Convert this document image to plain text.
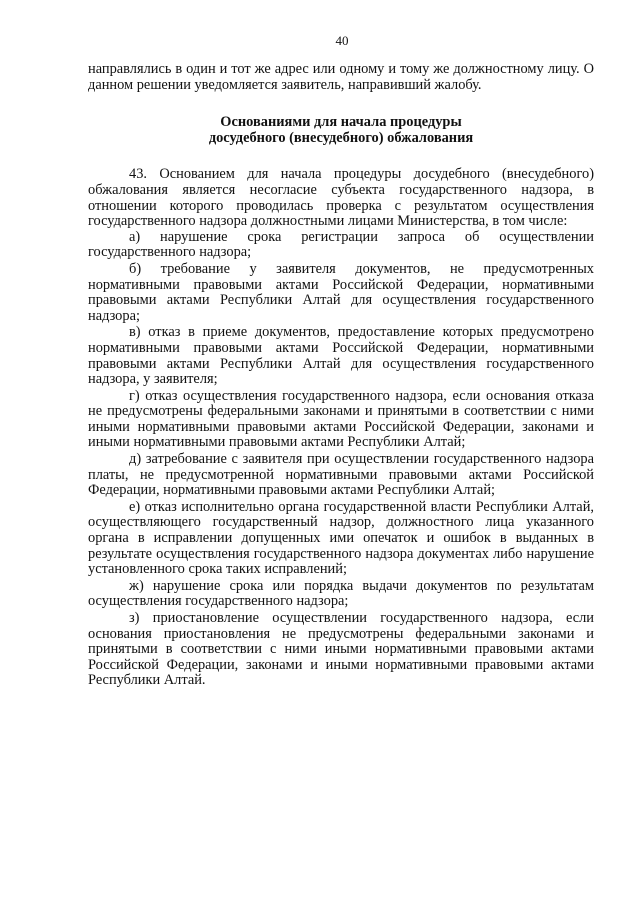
40

направлялись в один и тот же адрес или одному и тому же должностному лицу. О данном решении уведомляется заявитель, направивший жалобу.

Основаниями для начала процедуры
досудебного (внесудебного) обжалования

43. Основанием для начала процедуры досудебного (внесудебного) обжалования является несогласие субъекта государственного надзора, в отношении которого проводилась проверка с результатом осуществления государственного надзора должностными лицами Министерства, в том числе:

а) нарушение срока регистрации запроса об осуществлении государственного надзора;

б) требование у заявителя документов, не предусмотренных нормативными правовыми актами Российской Федерации, нормативными правовыми актами Республики Алтай для осуществления государственного надзора;

в) отказ в приеме документов, предоставление которых предусмотрено нормативными правовыми актами Российской Федерации, нормативными правовыми актами Республики Алтай для осуществления государственного надзора, у заявителя;

г) отказ осуществления государственного надзора, если основания отказа не предусмотрены федеральными законами и принятыми в соответствии с ними иными нормативными правовыми актами Российской Федерации, законами и иными нормативными правовыми актами Республики Алтай;

д) затребование с заявителя при осуществлении государственного надзора платы, не предусмотренной нормативными правовыми актами Российской Федерации, нормативными правовыми актами Республики Алтай;

е) отказ исполнительно органа государственной власти Республики Алтай, осуществляющего государственный надзор, должностного лица указанного органа в исправлении допущенных ими опечаток и ошибок в выданных в результате осуществления государственного надзора документах либо нарушение установленного срока таких исправлений;

ж) нарушение срока или порядка выдачи документов по результатам осуществления государственного надзора;

з) приостановление осуществлении государственного надзора, если основания приостановления не предусмотрены федеральными законами и принятыми в соответствии с ними иными нормативными правовыми актами Российской Федерации, законами и иными нормативными правовыми актами Республики Алтай.
